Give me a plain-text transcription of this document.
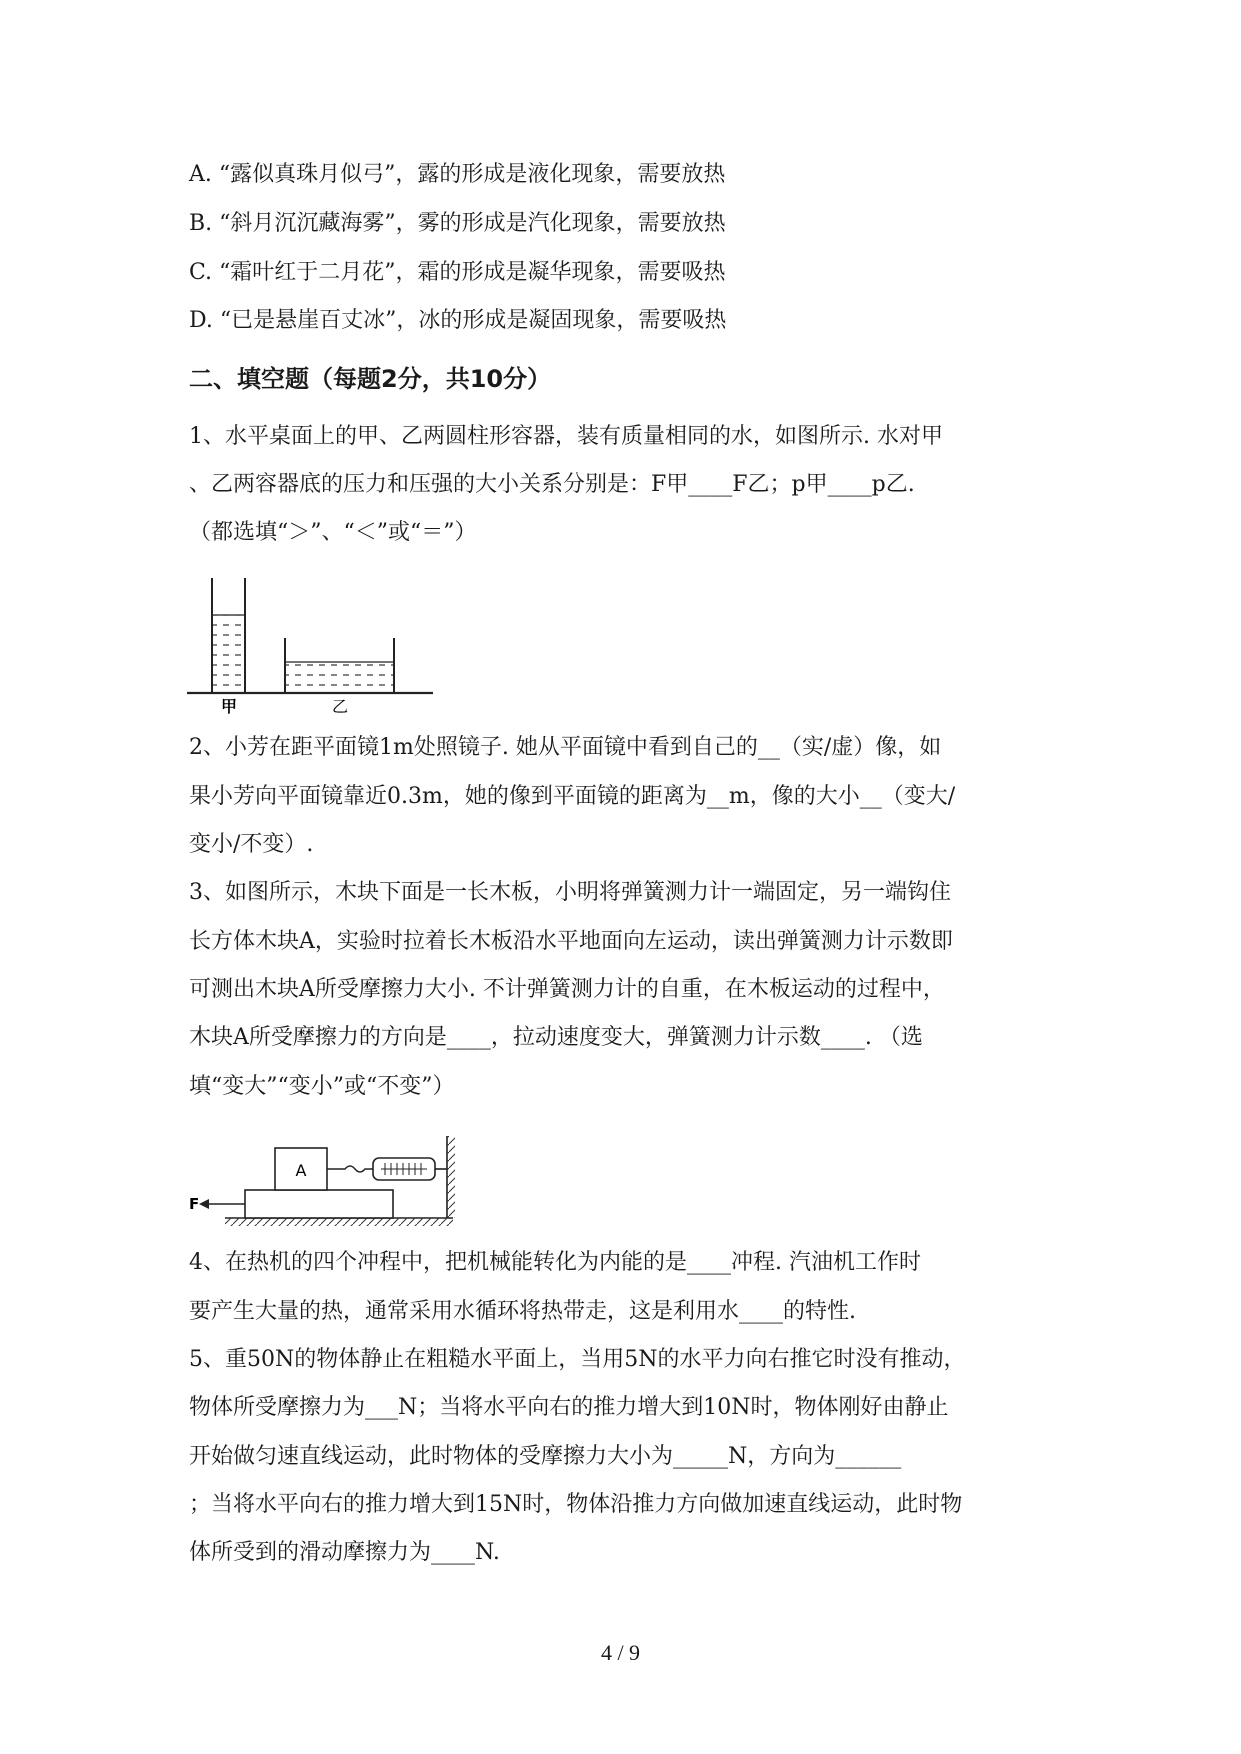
A. “露似真珠月似弓”，露的形成是液化现象，需要放热
B. “斜月沉沉藏海雾”，雾的形成是汽化现象，需要放热
C. “霜叶红于二月花”，霜的形成是凝华现象，需要吸热
D. “已是悬崖百丈冰”，冰的形成是凝固现象，需要吸热
二、填空题（每题2分，共10分）
1、水平桌面上的甲、乙两圆柱形容器，装有质量相同的水，如图所示. 水对甲
、乙两容器底的压力和压强的大小关系分别是：F甲____F乙；p甲____p乙.
（都选填“＞”、“＜”或“＝”）
甲	乙
2、小芳在距平面镜1m处照镜子. 她从平面镜中看到自己的__（实/虚）像，如
果小芳向平面镜靠近0.3m，她的像到平面镜的距离为__m，像的大小__（变大/
变小/不变）.
3、如图所示，木块下面是一长木板，小明将弹簧测力计一端固定，另一端钩住
长方体木块A，实验时拉着长木板沿水平地面向左运动，读出弹簧测力计示数即
可测出木块A所受摩擦力大小. 不计弹簧测力计的自重，在木板运动的过程中，
木块A所受摩擦力的方向是____，拉动速度变大，弹簧测力计示数____. （选
填“变大”“变小”或“不变”）
A
F
4、在热机的四个冲程中，把机械能转化为内能的是____冲程. 汽油机工作时
要产生大量的热，通常采用水循环将热带走，这是利用水____的特性.
5、重50N的物体静止在粗糙水平面上，当用5N的水平力向右推它时没有推动，
物体所受摩擦力为___N；当将水平向右的推力增大到10N时，物体刚好由静止
开始做匀速直线运动，此时物体的受摩擦力大小为_____N，方向为______
；当将水平向右的推力增大到15N时，物体沿推力方向做加速直线运动，此时物
体所受到的滑动摩擦力为____N.
4 / 9
